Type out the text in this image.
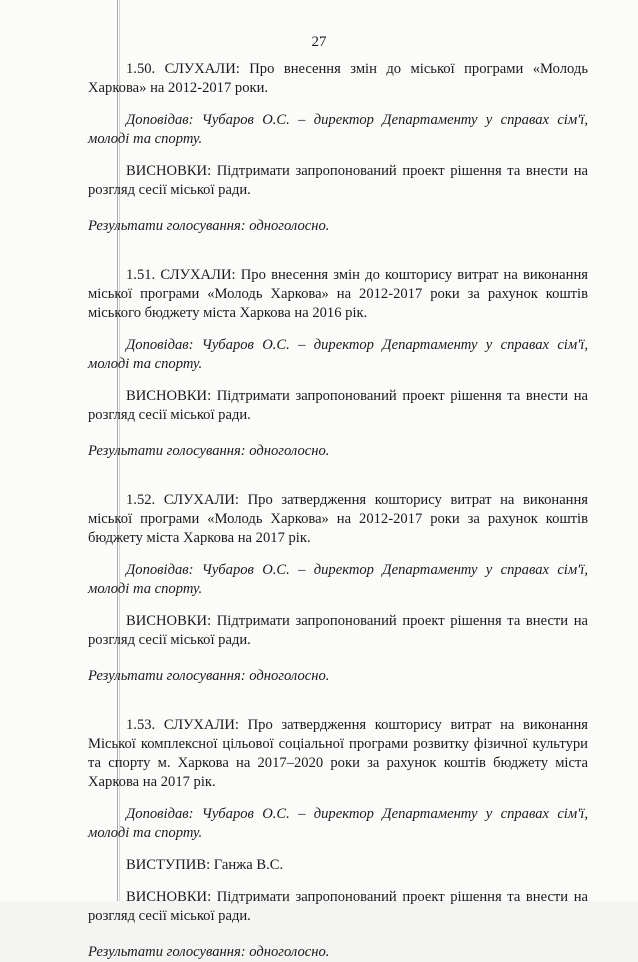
27

1.50. СЛУХАЛИ: Про внесення змін до міської програми «Молодь Харкова» на 2012-2017 роки.

Доповідав: Чубаров О.С. – директор Департаменту у справах сім'ї, молоді та спорту.

ВИСНОВКИ: Підтримати запропонований проект рішення та внести на розгляд сесії міської ради.

Результати голосування: одноголосно.

1.51. СЛУХАЛИ: Про внесення змін до кошторису витрат на виконання міської програми «Молодь Харкова» на 2012-2017 роки за рахунок коштів міського бюджету міста Харкова на 2016 рік.

Доповідав: Чубаров О.С. – директор Департаменту у справах сім'ї, молоді та спорту.

ВИСНОВКИ: Підтримати запропонований проект рішення та внести на розгляд сесії міської ради.

Результати голосування: одноголосно.

1.52. СЛУХАЛИ: Про затвердження кошторису витрат на виконання міської програми «Молодь Харкова» на 2012-2017 роки за рахунок коштів бюджету міста Харкова на 2017 рік.

Доповідав: Чубаров О.С. – директор Департаменту у справах сім'ї, молоді та спорту.

ВИСНОВКИ: Підтримати запропонований проект рішення та внести на розгляд сесії міської ради.

Результати голосування: одноголосно.

1.53. СЛУХАЛИ: Про затвердження кошторису витрат на виконання Міської комплексної цільової соціальної програми розвитку фізичної культури та спорту м. Харкова на 2017–2020 роки за рахунок коштів бюджету міста Харкова на 2017 рік.

Доповідав: Чубаров О.С. – директор Департаменту у справах сім'ї, молоді та спорту.

ВИСТУПИВ: Ганжа В.С.

ВИСНОВКИ: Підтримати запропонований проект рішення та внести на розгляд сесії міської ради.

Результати голосування: одноголосно.
